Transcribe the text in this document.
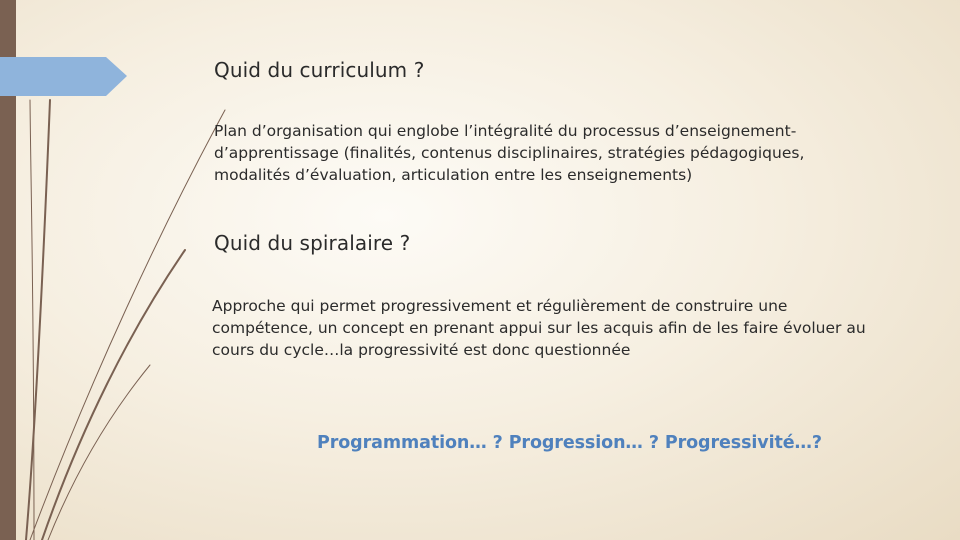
Quid du curriculum ?

Plan d’organisation qui englobe l’intégralité du processus d’enseignement-d’apprentissage (finalités, contenus disciplinaires, stratégies pédagogiques, modalités d’évaluation, articulation entre les enseignements)

Quid du spiralaire ?

Approche qui permet progressivement et régulièrement de construire une compétence, un concept en prenant appui sur les acquis afin de les faire évoluer au cours du cycle…la progressivité est donc questionnée

Programmation… ? Progression… ? Progressivité…?
